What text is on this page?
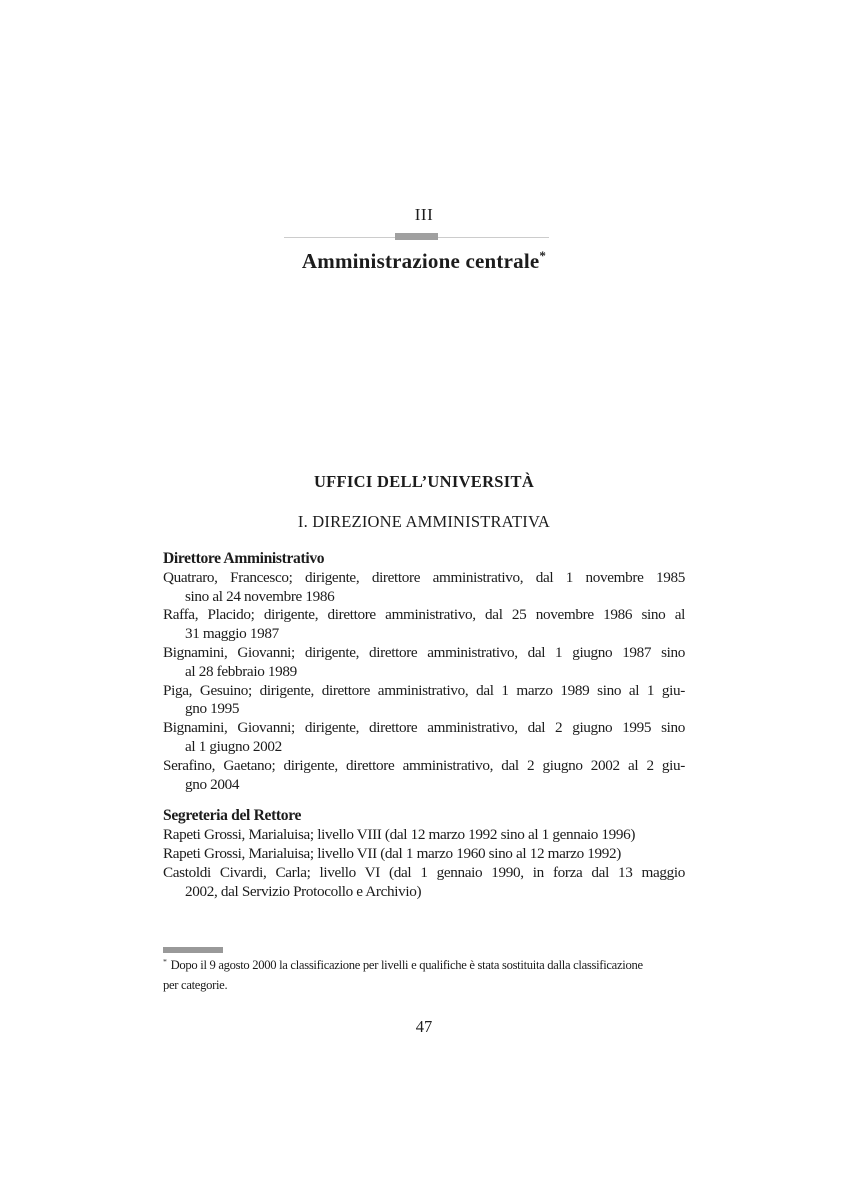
III
Amministrazione centrale*
UFFICI DELL’UNIVERSITÀ
I. DIREZIONE AMMINISTRATIVA
Direttore Amministrativo
Quatraro, Francesco; dirigente, direttore amministrativo, dal 1 novembre 1985
sino al 24 novembre 1986
Raffa, Placido; dirigente, direttore amministrativo, dal 25 novembre 1986 sino al
31 maggio 1987
Bignamini, Giovanni; dirigente, direttore amministrativo, dal 1 giugno 1987 sino
al 28 febbraio 1989
Piga, Gesuino; dirigente, direttore amministrativo, dal 1 marzo 1989 sino al 1 giu-
gno 1995
Bignamini, Giovanni; dirigente, direttore amministrativo, dal 2 giugno 1995 sino
al 1 giugno 2002
Serafino, Gaetano; dirigente, direttore amministrativo, dal 2 giugno 2002 al 2 giu-
gno 2004
Segreteria del Rettore
Rapeti Grossi, Marialuisa; livello VIII (dal 12 marzo 1992 sino al 1 gennaio 1996)
Rapeti Grossi, Marialuisa; livello VII (dal 1 marzo 1960 sino al 12 marzo 1992)
Castoldi Civardi, Carla; livello VI (dal 1 gennaio 1990, in forza dal 13 maggio
2002, dal Servizio Protocollo e Archivio)
* Dopo il 9 agosto 2000 la classificazione per livelli e qualifiche è stata sostituita dalla classificazione
per categorie.
47
